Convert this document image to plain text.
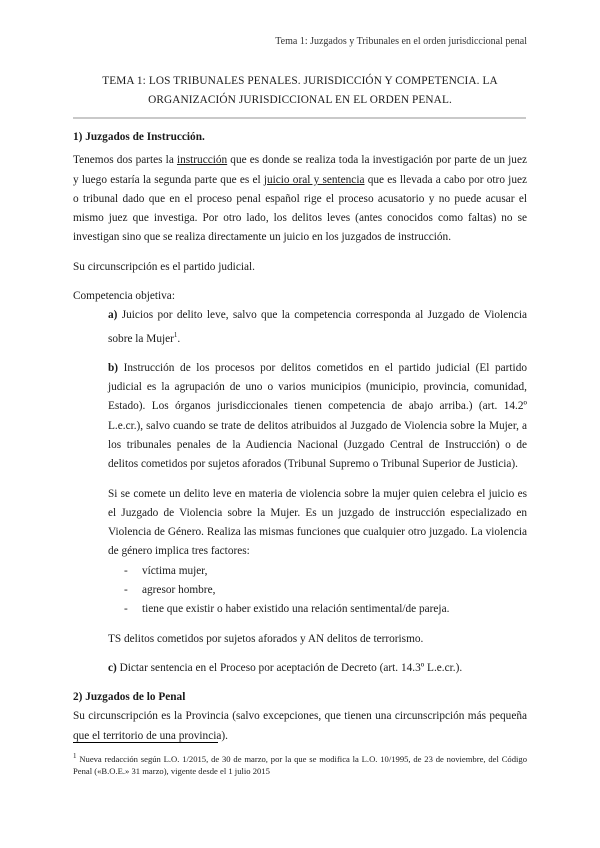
Tema 1: Juzgados y Tribunales en el orden jurisdiccional penal
TEMA 1: LOS TRIBUNALES PENALES. JURISDICCIÓN Y COMPETENCIA. LA
ORGANIZACIÓN JURISDICCIONAL EN EL ORDEN PENAL.

1) Juzgados de Instrucción.

Tenemos dos partes la instrucción que es donde se realiza toda la investigación por parte de un juez y luego estaría la segunda parte que es el juicio oral y sentencia que es llevada a cabo por otro juez o tribunal dado que en el proceso penal español rige el proceso acusatorio y no puede acusar el mismo juez que investiga. Por otro lado, los delitos leves (antes conocidos como faltas) no se investigan sino que se realiza directamente un juicio en los juzgados de instrucción.

Su circunscripción es el partido judicial.

Competencia objetiva:

a) Juicios por delito leve, salvo que la competencia corresponda al Juzgado de Violencia sobre la Mujer$^1$.

b) Instrucción de los procesos por delitos cometidos en el partido judicial (El partido judicial es la agrupación de uno o varios municipios (municipio, provincia, comunidad, Estado). Los órganos jurisdiccionales tienen competencia de abajo arriba.) (art. 14.2º L.e.cr.), salvo cuando se trate de delitos atribuidos al Juzgado de Violencia sobre la Mujer, a los tribunales penales de la Audiencia Nacional (Juzgado Central de Instrucción) o de delitos cometidos por sujetos aforados (Tribunal Supremo o Tribunal Superior de Justicia).

Si se comete un delito leve en materia de violencia sobre la mujer quien celebra el juicio es el Juzgado de Violencia sobre la Mujer. Es un juzgado de instrucción especializado en Violencia de Género. Realiza las mismas funciones que cualquier otro juzgado. La violencia de género implica tres factores:

- víctima mujer,
- agresor hombre,
- tiene que existir o haber existido una relación sentimental/de pareja.

TS delitos cometidos por sujetos aforados y AN delitos de terrorismo.

c) Dictar sentencia en el Proceso por aceptación de Decreto (art. 14.3º L.e.cr.).

2) Juzgados de lo Penal

Su circunscripción es la Provincia (salvo excepciones, que tienen una circunscripción más pequeña que el territorio de una provincia).

$^1$ Nueva redacción según L.O. 1/2015, de 30 de marzo, por la que se modifica la L.O. 10/1995, de 23 de noviembre, del Código Penal («B.O.E.» 31 marzo), vigente desde el 1 julio 2015
